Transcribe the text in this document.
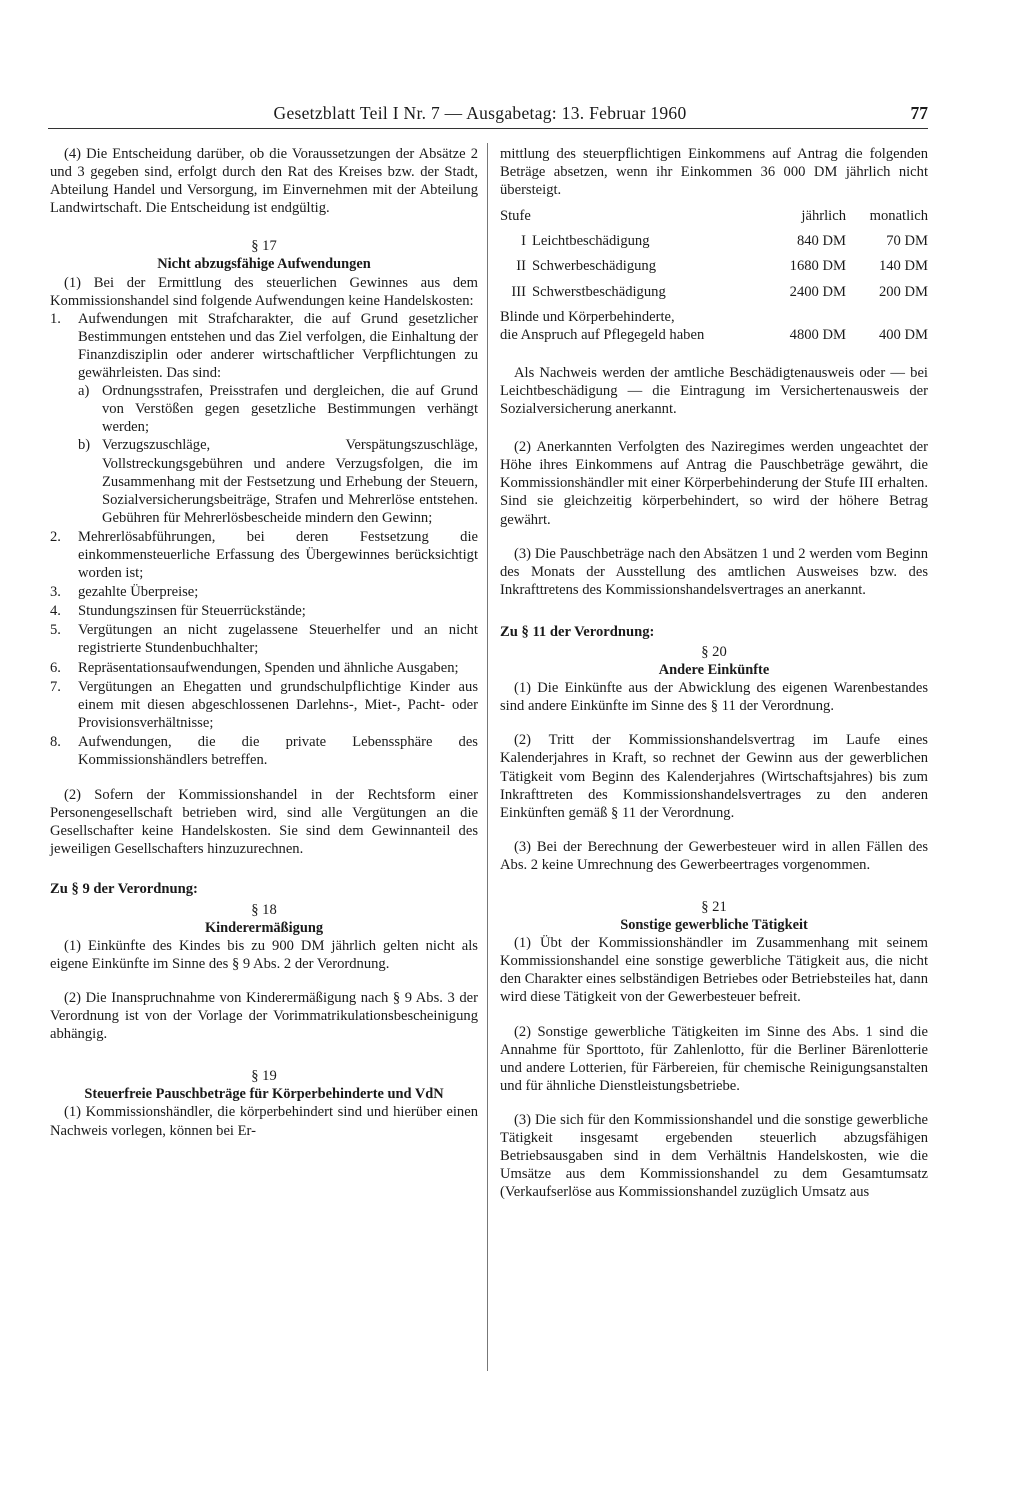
Gesetzblatt Teil I Nr. 7 — Ausgabetag: 13. Februar 1960	77

(4) Die Entscheidung darüber, ob die Voraussetzungen der Absätze 2 und 3 gegeben sind, erfolgt durch den Rat des Kreises bzw. der Stadt, Abteilung Handel und Versorgung, im Einvernehmen mit der Abteilung Landwirtschaft. Die Entscheidung ist endgültig.

§ 17
Nicht abzugsfähige Aufwendungen

(1) Bei der Ermittlung des steuerlichen Gewinnes aus dem Kommissionshandel sind folgende Aufwendungen keine Handelskosten:

1. Aufwendungen mit Strafcharakter, die auf Grund gesetzlicher Bestimmungen entstehen und das Ziel verfolgen, die Einhaltung der Finanzdisziplin oder anderer wirtschaftlicher Verpflichtungen zu gewährleisten. Das sind:
a) Ordnungsstrafen, Preisstrafen und dergleichen, die auf Grund von Verstößen gegen gesetzliche Bestimmungen verhängt werden;
b) Verzugszuschläge, Verspätungszuschläge, Vollstreckungsgebühren und andere Verzugsfolgen, die im Zusammenhang mit der Festsetzung und Erhebung der Steuern, Sozialversicherungsbeiträge, Strafen und Mehrerlöse entstehen. Gebühren für Mehrerlösbescheide mindern den Gewinn;
2. Mehrerlösabführungen, bei deren Festsetzung die einkommensteuerliche Erfassung des Übergewinnes berücksichtigt worden ist;
3. gezahlte Überpreise;
4. Stundungszinsen für Steuerrückstände;
5. Vergütungen an nicht zugelassene Steuerhelfer und an nicht registrierte Stundenbuchhalter;
6. Repräsentationsaufwendungen, Spenden und ähnliche Ausgaben;
7. Vergütungen an Ehegatten und grundschulpflichtige Kinder aus einem mit diesen abgeschlossenen Darlehns-, Miet-, Pacht- oder Provisionsverhältnisse;
8. Aufwendungen, die die private Lebenssphäre des Kommissionshändlers betreffen.

(2) Sofern der Kommissionshandel in der Rechtsform einer Personengesellschaft betrieben wird, sind alle Vergütungen an die Gesellschafter keine Handelskosten. Sie sind dem Gewinnanteil des jeweiligen Gesellschafters hinzuzurechnen.

Zu § 9 der Verordnung:
§ 18
Kinderermäßigung

(1) Einkünfte des Kindes bis zu 900 DM jährlich gelten nicht als eigene Einkünfte im Sinne des § 9 Abs. 2 der Verordnung.

(2) Die Inanspruchnahme von Kinderermäßigung nach § 9 Abs. 3 der Verordnung ist von der Vorlage der Vorimmatrikulationsbescheinigung abhängig.

§ 19
Steuerfreie Pauschbeträge für Körperbehinderte und VdN

(1) Kommissionshändler, die körperbehindert sind und hierüber einen Nachweis vorlegen, können bei Er-

mittlung des steuerpflichtigen Einkommens auf Antrag die folgenden Beträge absetzen, wenn ihr Einkommen 36 000 DM jährlich nicht übersteigt.

Stufe	jährlich	monatlich
I Leichtbeschädigung	840 DM	70 DM
II Schwerbeschädigung	1680 DM	140 DM
III Schwerstbeschädigung	2400 DM	200 DM
Blinde und Körperbehinderte,
die Anspruch auf Pflegegeld haben	4800 DM	400 DM

Als Nachweis werden der amtliche Beschädigtenausweis oder — bei Leichtbeschädigung — die Eintragung im Versichertenausweis der Sozialversicherung anerkannt.

(2) Anerkannten Verfolgten des Naziregimes werden ungeachtet der Höhe ihres Einkommens auf Antrag die Pauschbeträge gewährt, die Kommissionshändler mit einer Körperbehinderung der Stufe III erhalten. Sind sie gleichzeitig körperbehindert, so wird der höhere Betrag gewährt.

(3) Die Pauschbeträge nach den Absätzen 1 und 2 werden vom Beginn des Monats der Ausstellung des amtlichen Ausweises bzw. des Inkrafttretens des Kommissionshandelsvertrages an anerkannt.

Zu § 11 der Verordnung:
§ 20
Andere Einkünfte

(1) Die Einkünfte aus der Abwicklung des eigenen Warenbestandes sind andere Einkünfte im Sinne des § 11 der Verordnung.

(2) Tritt der Kommissionshandelsvertrag im Laufe eines Kalenderjahres in Kraft, so rechnet der Gewinn aus der gewerblichen Tätigkeit vom Beginn des Kalenderjahres (Wirtschaftsjahres) bis zum Inkrafttreten des Kommissionshandelsvertrages zu den anderen Einkünften gemäß § 11 der Verordnung.

(3) Bei der Berechnung der Gewerbesteuer wird in allen Fällen des Abs. 2 keine Umrechnung des Gewerbeertrages vorgenommen.

§ 21
Sonstige gewerbliche Tätigkeit

(1) Übt der Kommissionshändler im Zusammenhang mit seinem Kommissionshandel eine sonstige gewerbliche Tätigkeit aus, die nicht den Charakter eines selbständigen Betriebes oder Betriebsteiles hat, dann wird diese Tätigkeit von der Gewerbesteuer befreit.

(2) Sonstige gewerbliche Tätigkeiten im Sinne des Abs. 1 sind die Annahme für Sporttoto, für Zahlenlotto, für die Berliner Bärenlotterie und andere Lotterien, für Färbereien, für chemische Reinigungsanstalten und für ähnliche Dienstleistungsbetriebe.

(3) Die sich für den Kommissionshandel und die sonstige gewerbliche Tätigkeit insgesamt ergebenden steuerlich abzugsfähigen Betriebsausgaben sind in dem Verhältnis Handelskosten, wie die Umsätze aus dem Kommissionshandel zu dem Gesamtumsatz (Verkaufserlöse aus Kommissionshandel zuzüglich Umsatz aus
